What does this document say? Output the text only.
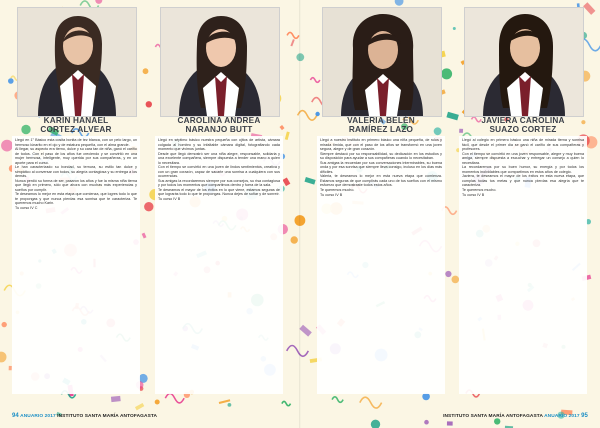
KARIN HANAEL
CORTEZ ALVEAR

Llegó en 1° Básico esta cosita bonita de tez blanca, con un pelo largo, un hermoso lúnarito en el ojo y de estatura pequeña, con el alma grande.

Al llegar, su aspecto era tierno, dulce y su cara tan de niña, ganó el cariño de todos. Con el paso de los años fue creciendo y se convirtió en una mujer hermosa, inteligente, muy querida por sus compañeras, y en un aporte para el curso.

Le han caracterizado su bondad, su ternura, su estilo tan dulce y simpático al conversar con todos, su alegría contagiosa y su entrega a los demás.

Nunca perdió su forma de ser, pasaron los años y fue la misma niña tierna que llegó en primero, sólo que ahora con muchas más experiencias y sueños por cumplir.

Te deseamos lo mejor en esta etapa que comienza, que logres todo lo que te propongas y que nunca pierdas esa sonrisa que te caracteriza. Te queremos mucho Karin.

Tu curso IV C

CAROLINA ANDREA
NARANJO BUTT

Llegó en séptimo básico nuestra pequeña con ojitos de artista, cámara colgada al hombro y su infaltable cámara digital, fotografiando cada momento que vivimos juntas.

Desde que llegó demostró ser una niña alegre, responsable, solidaria y una excelente compañera, siempre dispuesta a tender una mano a quien lo necesitara.

Con el tiempo se convirtió en una joven de lindos sentimientos, creativa y con un gran corazón, capaz de sacarle una sonrisa a cualquiera con sus ocurrencias.

Sus amigas la recordaremos siempre por sus consejos, su risa contagiosa y por todos los momentos que compartimos dentro y fuera de la sala.

Te deseamos el mayor de los éxitos en lo que viene, estamos seguras de que lograrás todo lo que te propongas. Nunca dejes de soñar y de sonreír.

Tu curso IV B

94 ANUARIO 2017 INSTITUTO SANTA MARÍA ANTOFAGASTA
VALERIA BELÉN
RAMÍREZ LAZO

Llegó a nuestro instituto en primero básico una niña pequeña, de rulos y mirada tímida, que con el paso de los años se transformó en una joven segura, alegre y de gran corazón.

Siempre destacó por su responsabilidad, su dedicación en los estudios y su disposición para ayudar a sus compañeras cuando lo necesitaban.

Sus amigas la recuerdan por sus conversaciones interminables, su buena onda y por esa sonrisa que siempre lleva consigo, incluso en los días más difíciles.

Valeria, te deseamos lo mejor en esta nueva etapa que comienza. Estamos seguras de que cumplirás cada uno de tus sueños con el mismo esfuerzo que demostraste todos estos años.

Te queremos mucho.

Tu curso IV B

JAVIERA CAROLINA
SUAZO CORTEZ

Llegó al colegio en primero básico una niña de mirada tierna y sonrisa fácil, que desde el primer día se ganó el cariño de sus compañeras y profesores.

Con el tiempo se convirtió en una joven responsable, alegre y muy buena amiga, siempre dispuesta a escuchar y entregar un consejo a quien lo necesitara.

La recordaremos por su buen humor, su energía y por todos los momentos inolvidables que compartimos en estos años de colegio.

Javiera, te deseamos el mayor de los éxitos en esta nueva etapa, que cumplas todas tus metas y que nunca pierdas esa alegría que te caracteriza.

Te queremos mucho.

Tu curso IV B

INSTITUTO SANTA MARÍA ANTOFAGASTA ANUARIO 2017 95
